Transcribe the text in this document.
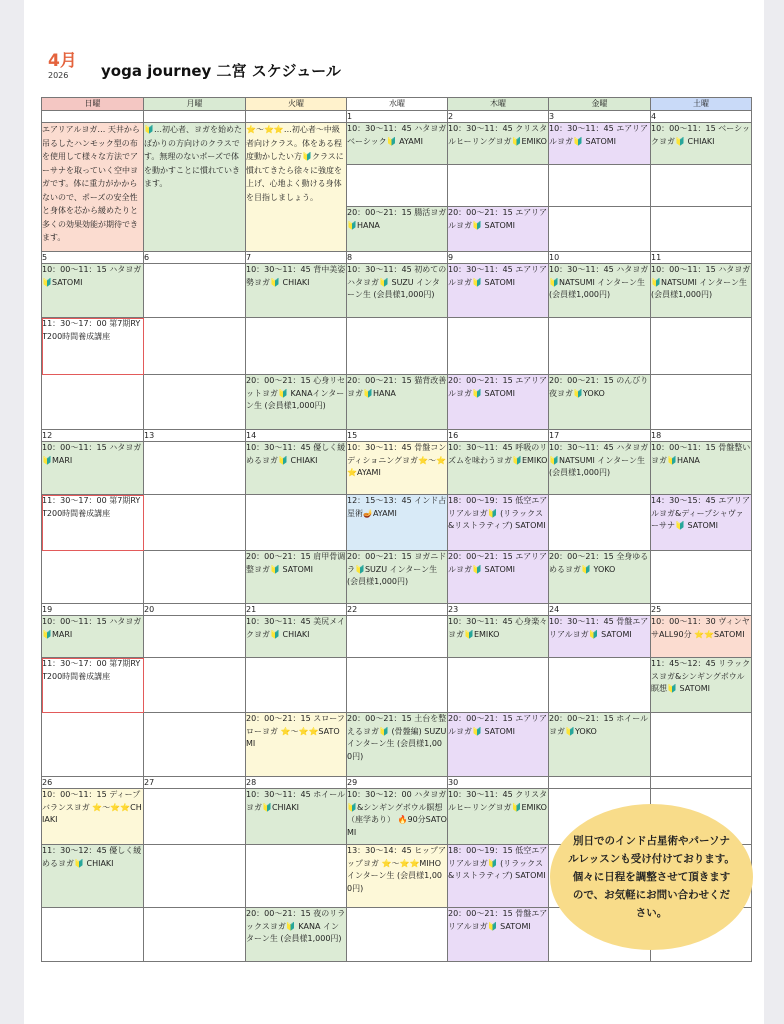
4月
2026 yoga journey 二宮 スケジュール
日曜	月曜	火曜	水曜	木曜	金曜	土曜
			1	2	3	4

エアリアルヨガ… 天井から吊るしたハンモック型の布を使用して様々な方法でアーサナを取っていく空中ヨガです。体に重力がかからないので、ポーズの安全性と身体を芯から緩めたりと多くの効果効能が期待できます。	🔰…初心者、ヨガを始めたばかりの方向けのクラスです。無理のないポーズで体を動かすことに慣れていきます。	⭐〜⭐⭐…初心者〜中級者向けクラス。体をある程度動かしたい方🔰クラスに慣れてきたら徐々に強度を上げ、心地よく動ける身体を目指しましょう。	10：30〜11：45 ハタヨガベーシック🔰 AYAMI	10：30〜11：45 クリスタルヒーリングヨガ🔰EMIKO	10：30〜11：45 エアリアルヨガ🔰 SATOMI	10：00〜11：15 ベーシックヨガ🔰 CHIAKI

			20：00〜21：15 腸活ヨガ🔰HANA	20：00〜21：15 エアリアルヨガ🔰 SATOMI		
5	6	7	8	9	10	11
10：00〜11：15 ハタヨガ🔰SATOMI		10：30〜11：45 背中美姿勢ヨガ🔰 CHIAKI	10：30〜11：45 初めてのハタヨガ🔰 SUZU インターン生 (会員様1,000円)	10：30〜11：45 エアリアルヨガ🔰 SATOMI	10：30〜11：45 ハタヨガ🔰NATSUMI インターン生 (会員様1,000円)	10：00〜11：15 ハタヨガ🔰NATSUMI インターン生 (会員様1,000円)
11：30〜17：00 第7期RYT200時間養成講座						
		20：00〜21：15 心身リセットヨガ🔰 KANAインターン生 (会員様1,000円)	20：00〜21：15 猫背改善ヨガ🔰HANA	20：00〜21：15 エアリアルヨガ🔰 SATOMI	20：00〜21：15 のんびり夜ヨガ🔰YOKO	
12	13	14	15	16	17	18
10：00〜11：15 ハタヨガ🔰MARI		10：30〜11：45 優しく緩めるヨガ🔰 CHIAKI	10：30〜11：45 骨盤コンディショニングヨガ⭐〜⭐⭐AYAMI	10：30〜11：45 呼吸のリズムを味わうヨガ🔰EMIKO	10：30〜11：45 ハタヨガ🔰NATSUMI インターン生 (会員様1,000円)	10：00〜11：15 骨盤整いヨガ🔰HANA
11：30〜17：00 第7期RYT200時間養成講座			12：15〜13：45 インド占星術🪔AYAMI	18：00〜19：15 低空エアリアルヨガ🔰 (リラックス&リストラティブ) SATOMI		14：30〜15：45 エアリアルヨガ&ディープシャヴァーサナ🔰 SATOMI
		20：00〜21：15 肩甲骨调整ヨガ🔰 SATOMI	20：00〜21：15 ヨガニドラ🔰SUZU インターン生 (会員様1,000円)	20：00〜21：15 エアリアルヨガ🔰 SATOMI	20：00〜21：15 全身ゆるめるヨガ🔰 YOKO	
19	20	21	22	23	24	25
10：00〜11：15 ハタヨガ🔰MARI		10：30〜11：45 美尻メイクヨガ🔰 CHIAKI		10：30〜11：45 心身楽々ヨガ🔰EMIKO	10：30〜11：45 骨盤エアリアルヨガ🔰 SATOMI	10：00〜11：30 ヴィンヤサALL90分 ⭐⭐SATOMI
11：30〜17：00 第7期RYT200時間養成講座						11：45〜12：45 リラックスヨガ&シンギングボウル瞑想🔰 SATOMI
		20：00〜21：15 スローフローヨガ ⭐〜⭐⭐SATOMI	20：00〜21：15 土台を整えるヨガ🔰 (骨盤編) SUZU インターン生 (会員様1,000円)	20：00〜21：15 エアリアルヨガ🔰 SATOMI	20：00〜21：15 ホイールヨガ🔰YOKO	
26	27	28	29	30		
10：00〜11：15 ディープバランスヨガ ⭐〜⭐⭐CHIAKI		10：30〜11：45 ホイールヨガ🔰CHIAKI	10：30〜12：00 ハタヨガ🔰&シンギングボウル瞑想（座学あり） 🔥90分SATOMI	10：30〜11：45 クリスタルヒーリングヨガ🔰EMIKO		
11：30〜12：45 優しく緩めるヨガ🔰 CHIAKI			13：30〜14：45 ヒップアップヨガ ⭐〜⭐⭐MIHO インターン生 (会員様1,000円)	18：00〜19：15 低空エアリアルヨガ🔰 (リラックス&リストラティブ) SATOMI		
		20：00〜21：15 夜のリラックスヨガ🔰 KANA インターン生 (会員様1,000円)		20：00〜21：15 骨盤エアリアルヨガ🔰 SATOMI		
別日でのインド占星術やパーソナルレッスンも受け付けております。個々に日程を調整させて頂きますので、お気軽にお問い合わせください。
